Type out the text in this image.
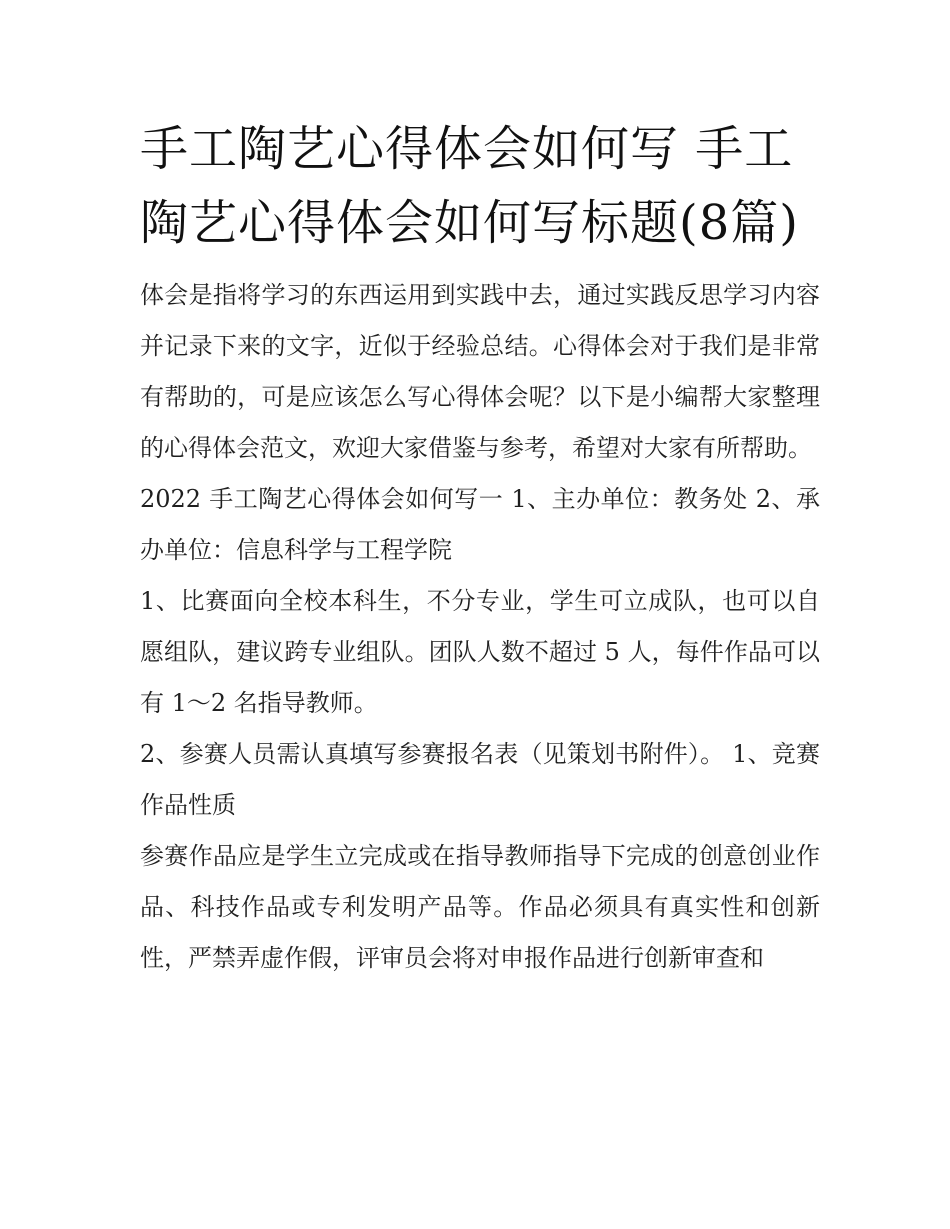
手工陶艺心得体会如何写 手工陶艺心得体会如何写标题(8篇)

体会是指将学习的东西运用到实践中去，通过实践反思学习内容并记录下来的文字，近似于经验总结。心得体会对于我们是非常有帮助的，可是应该怎么写心得体会呢？以下是小编帮大家整理的心得体会范文，欢迎大家借鉴与参考，希望对大家有所帮助。

2022 手工陶艺心得体会如何写一 1、主办单位：教务处 2、承办单位：信息科学与工程学院

1、比赛面向全校本科生，不分专业，学生可立成队，也可以自愿组队，建议跨专业组队。团队人数不超过 5 人，每件作品可以有 1～2 名指导教师。

2、参赛人员需认真填写参赛报名表（见策划书附件）。 1、竞赛作品性质

参赛作品应是学生立完成或在指导教师指导下完成的创意创业作品、科技作品或专利发明产品等。作品必须具有真实性和创新性，严禁弄虚作假，评审员会将对申报作品进行创新审查和
